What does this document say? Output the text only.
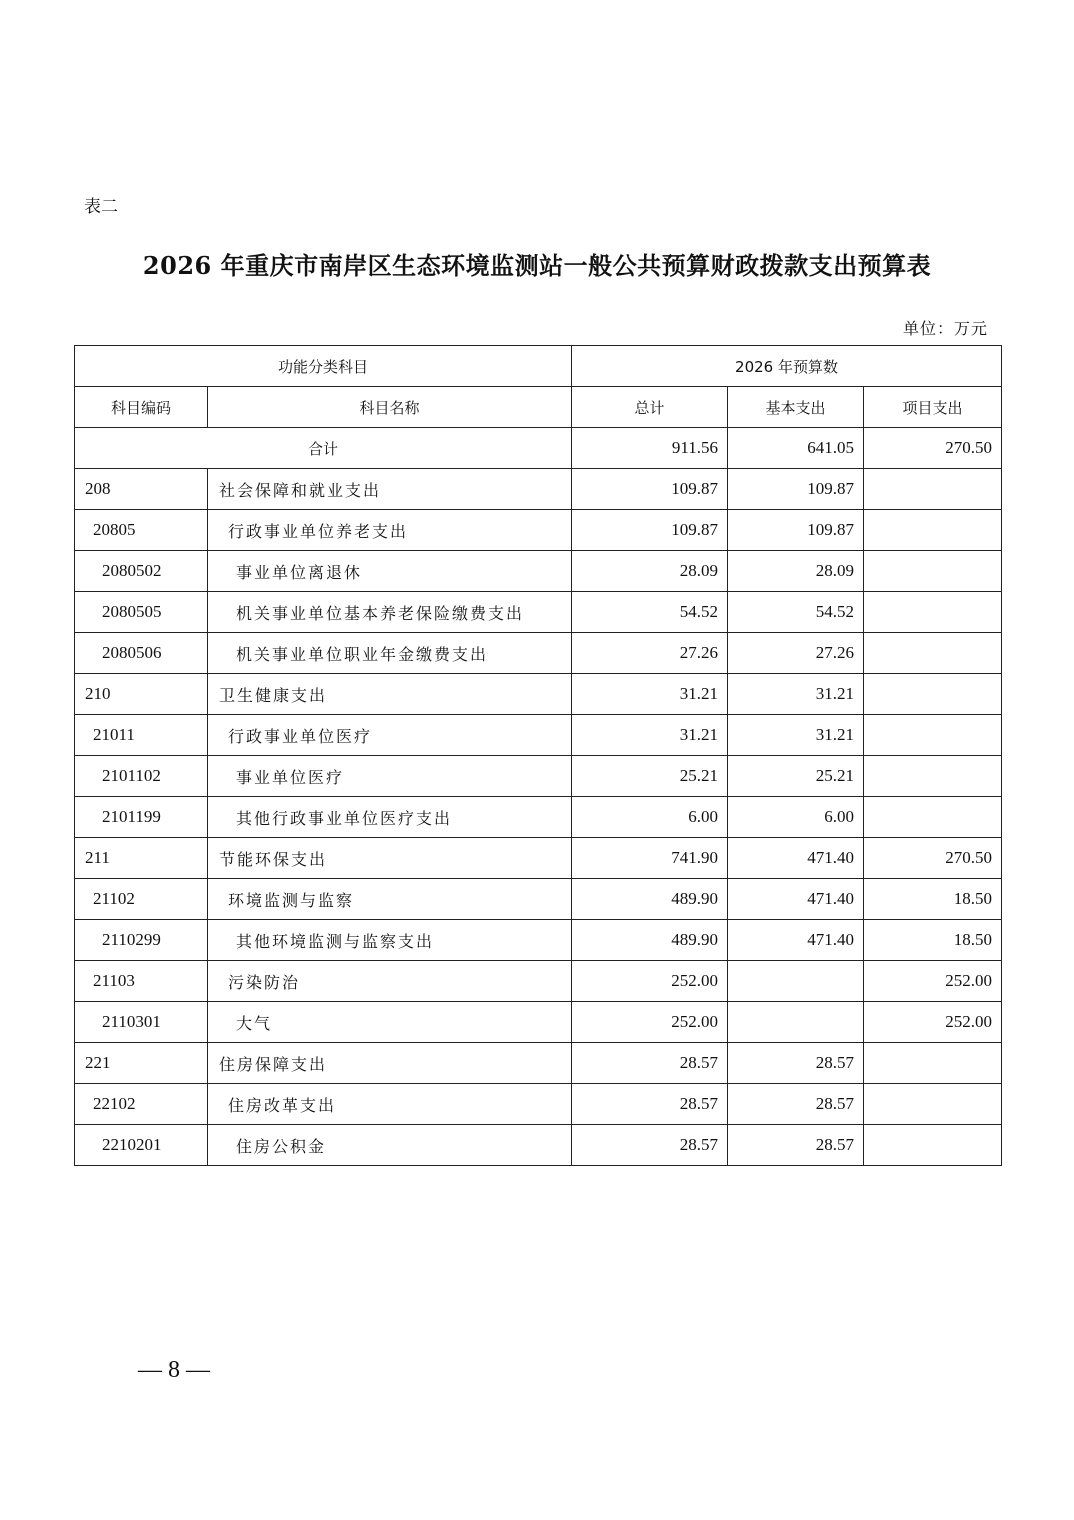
表二
2026 年重庆市南岸区生态环境监测站一般公共预算财政拨款支出预算表
单位：万元
功能分类科目		2026 年预算数		
科目编码	科目名称	总计	基本支出	项目支出
合计		911.56	641.05	270.50
208	社会保障和就业支出	109.87	109.87	
20805	行政事业单位养老支出	109.87	109.87	
2080502	事业单位离退休	28.09	28.09	
2080505	机关事业单位基本养老保险缴费支出	54.52	54.52	
2080506	机关事业单位职业年金缴费支出	27.26	27.26	
210	卫生健康支出	31.21	31.21	
21011	行政事业单位医疗	31.21	31.21	
2101102	事业单位医疗	25.21	25.21	
2101199	其他行政事业单位医疗支出	6.00	6.00	
211	节能环保支出	741.90	471.40	270.50
21102	环境监测与监察	489.90	471.40	18.50
2110299	其他环境监测与监察支出	489.90	471.40	18.50
21103	污染防治	252.00		252.00
2110301	大气	252.00		252.00
221	住房保障支出	28.57	28.57	
22102	住房改革支出	28.57	28.57	
2210201	住房公积金	28.57	28.57	
— 8 —
